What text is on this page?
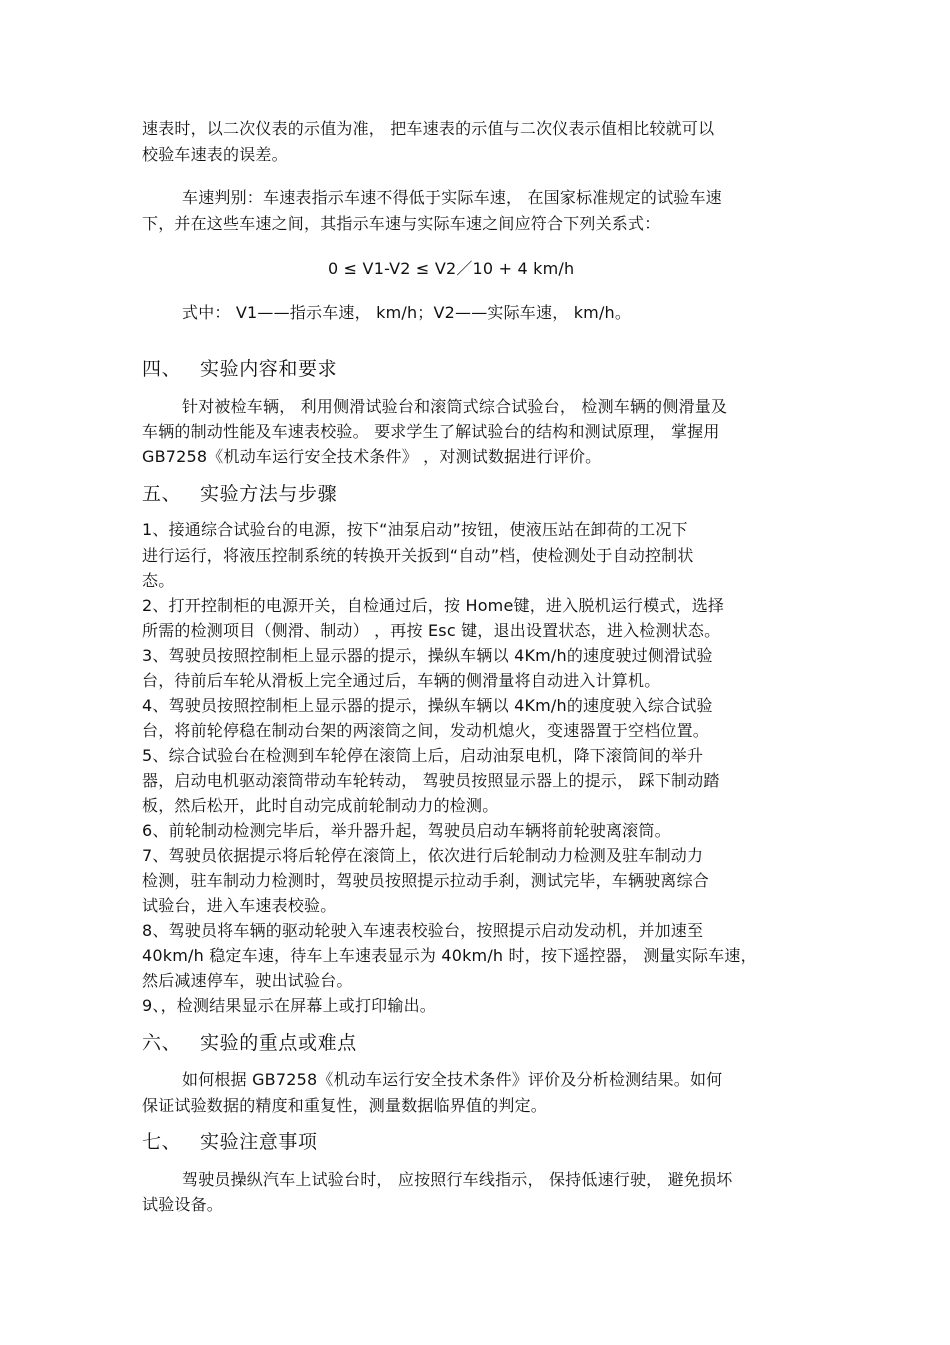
速表时，以二次仪表的示值为准， 把车速表的示值与二次仪表示值相比较就可以
校验车速表的误差。
车速判别：车速表指示车速不得低于实际车速， 在国家标准规定的试验车速
下，并在这些车速之间，其指示车速与实际车速之间应符合下列关系式：
0 ≤ V1-V2 ≤ V2／10 + 4 km/h
式中： V1——指示车速， km/h；V2——实际车速， km/h。
四、 实验内容和要求
针对被检车辆， 利用侧滑试验台和滚筒式综合试验台， 检测车辆的侧滑量及
车辆的制动性能及车速表校验。 要求学生了解试验台的结构和测试原理， 掌握用
GB7258《机动车运行安全技术条件》 ，对测试数据进行评价。
五、 实验方法与步骤
1、接通综合试验台的电源，按下“油泵启动”按钮，使液压站在卸荷的工况下
进行运行，将液压控制系统的转换开关扳到“自动”档，使检测处于自动控制状
态。
2、打开控制柜的电源开关，自检通过后，按 Home键，进入脱机运行模式，选择
所需的检测项目（侧滑、制动） ，再按 Esc 键，退出设置状态，进入检测状态。
3、驾驶员按照控制柜上显示器的提示，操纵车辆以 4Km/h的速度驶过侧滑试验
台，待前后车轮从滑板上完全通过后，车辆的侧滑量将自动进入计算机。
4、驾驶员按照控制柜上显示器的提示，操纵车辆以 4Km/h的速度驶入综合试验
台，将前轮停稳在制动台架的两滚筒之间，发动机熄火，变速器置于空档位置。
5、综合试验台在检测到车轮停在滚筒上后，启动油泵电机，降下滚筒间的举升
器，启动电机驱动滚筒带动车轮转动， 驾驶员按照显示器上的提示， 踩下制动踏
板，然后松开，此时自动完成前轮制动力的检测。
6、前轮制动检测完毕后，举升器升起，驾驶员启动车辆将前轮驶离滚筒。
7、驾驶员依据提示将后轮停在滚筒上，依次进行后轮制动力检测及驻车制动力
检测，驻车制动力检测时，驾驶员按照提示拉动手刹，测试完毕，车辆驶离综合
试验台，进入车速表校验。
8、驾驶员将车辆的驱动轮驶入车速表校验台，按照提示启动发动机，并加速至
40km/h 稳定车速，待车上车速表显示为 40km/h 时，按下遥控器， 测量实际车速，
然后减速停车，驶出试验台。
9、，检测结果显示在屏幕上或打印输出。
六、 实验的重点或难点
如何根据 GB7258《机动车运行安全技术条件》评价及分析检测结果。如何
保证试验数据的精度和重复性，测量数据临界值的判定。
七、 实验注意事项
驾驶员操纵汽车上试验台时， 应按照行车线指示， 保持低速行驶， 避免损坏
试验设备。
